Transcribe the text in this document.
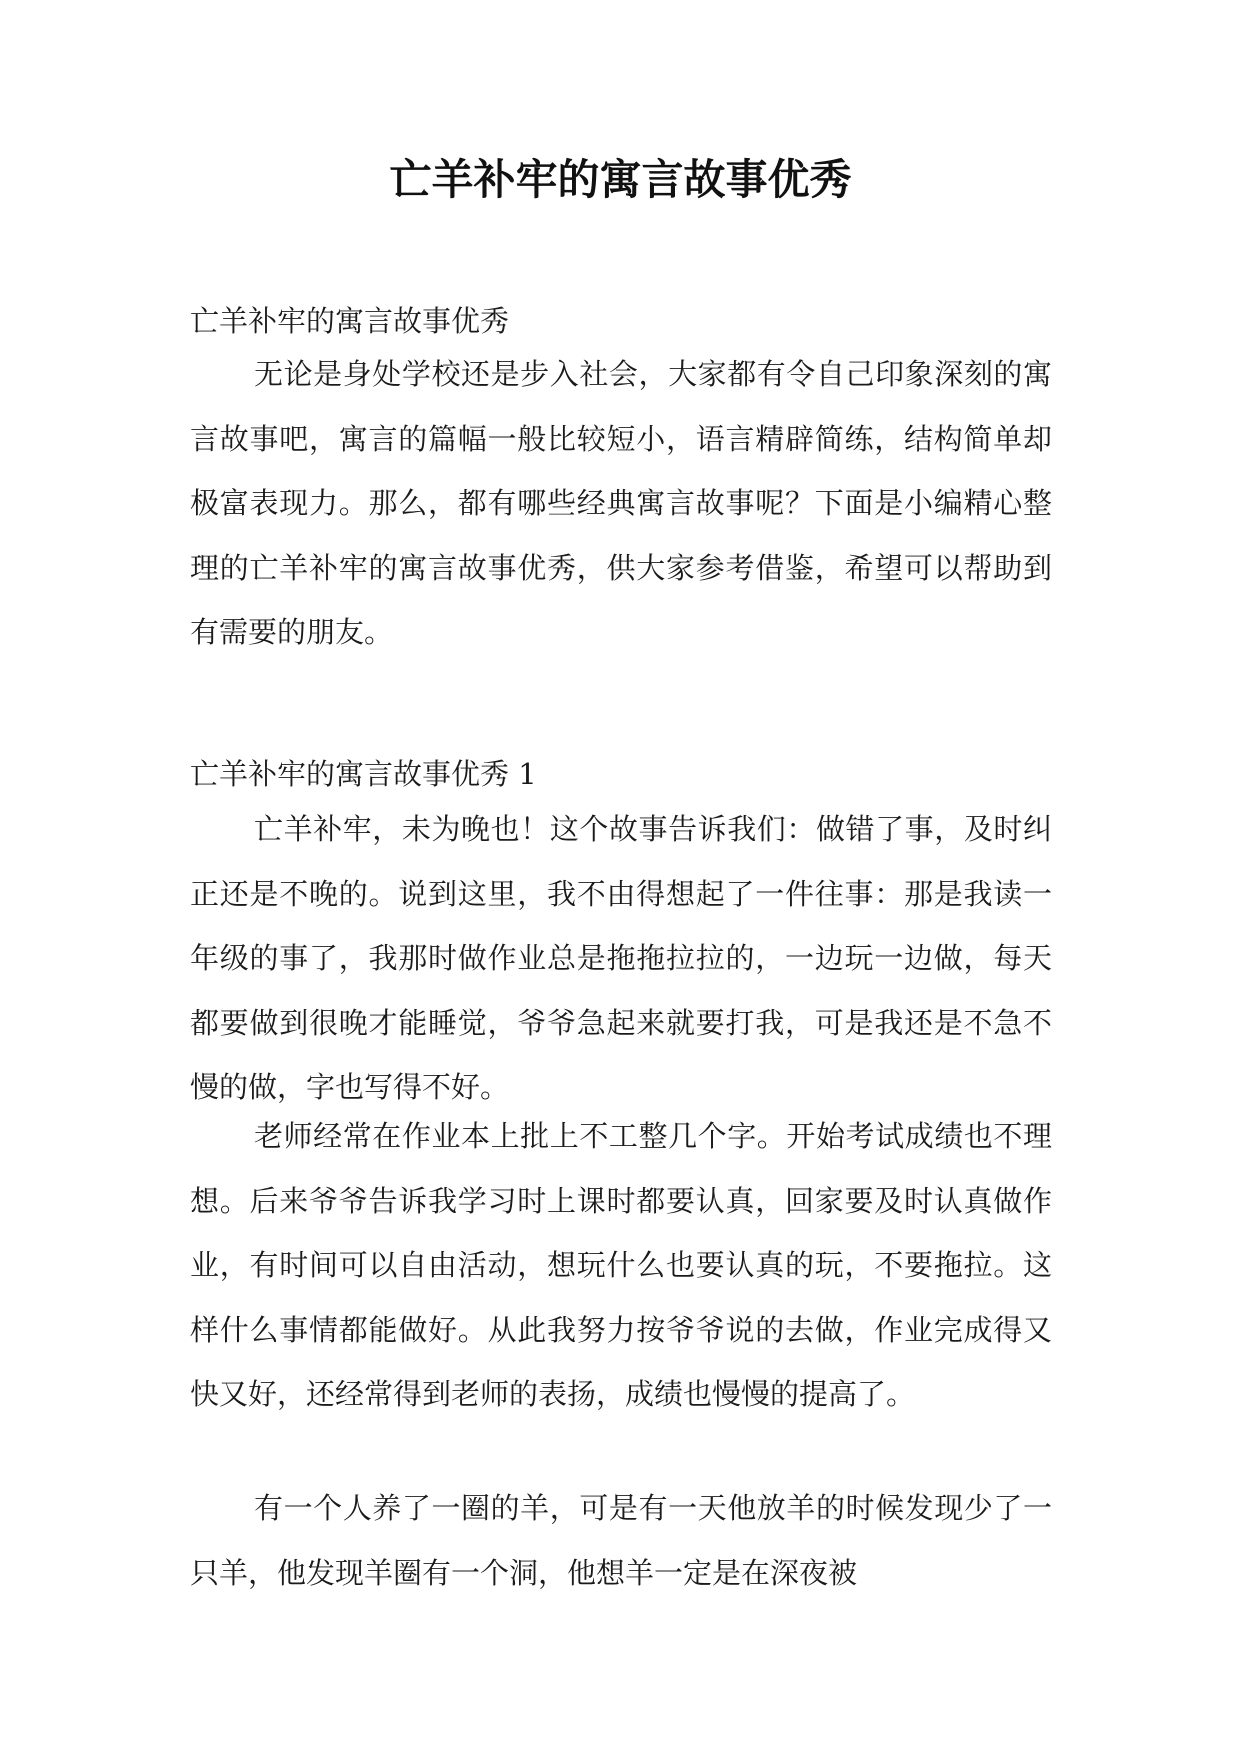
亡羊补牢的寓言故事优秀

亡羊补牢的寓言故事优秀

无论是身处学校还是步入社会，大家都有令自己印象深刻的寓言故事吧，寓言的篇幅一般比较短小，语言精辟简练，结构简单却极富表现力。那么，都有哪些经典寓言故事呢？下面是小编精心整理的亡羊补牢的寓言故事优秀，供大家参考借鉴，希望可以帮助到有需要的朋友。

亡羊补牢的寓言故事优秀 1

亡羊补牢，未为晚也！这个故事告诉我们：做错了事，及时纠正还是不晚的。说到这里，我不由得想起了一件往事：那是我读一年级的事了，我那时做作业总是拖拖拉拉的，一边玩一边做，每天都要做到很晚才能睡觉，爷爷急起来就要打我，可是我还是不急不慢的做，字也写得不好。

老师经常在作业本上批上不工整几个字。开始考试成绩也不理想。后来爷爷告诉我学习时上课时都要认真，回家要及时认真做作业，有时间可以自由活动，想玩什么也要认真的玩，不要拖拉。这样什么事情都能做好。从此我努力按爷爷说的去做，作业完成得又快又好，还经常得到老师的表扬，成绩也慢慢的提高了。

有一个人养了一圈的羊，可是有一天他放羊的时候发现少了一只羊，他发现羊圈有一个洞，他想羊一定是在深夜被
